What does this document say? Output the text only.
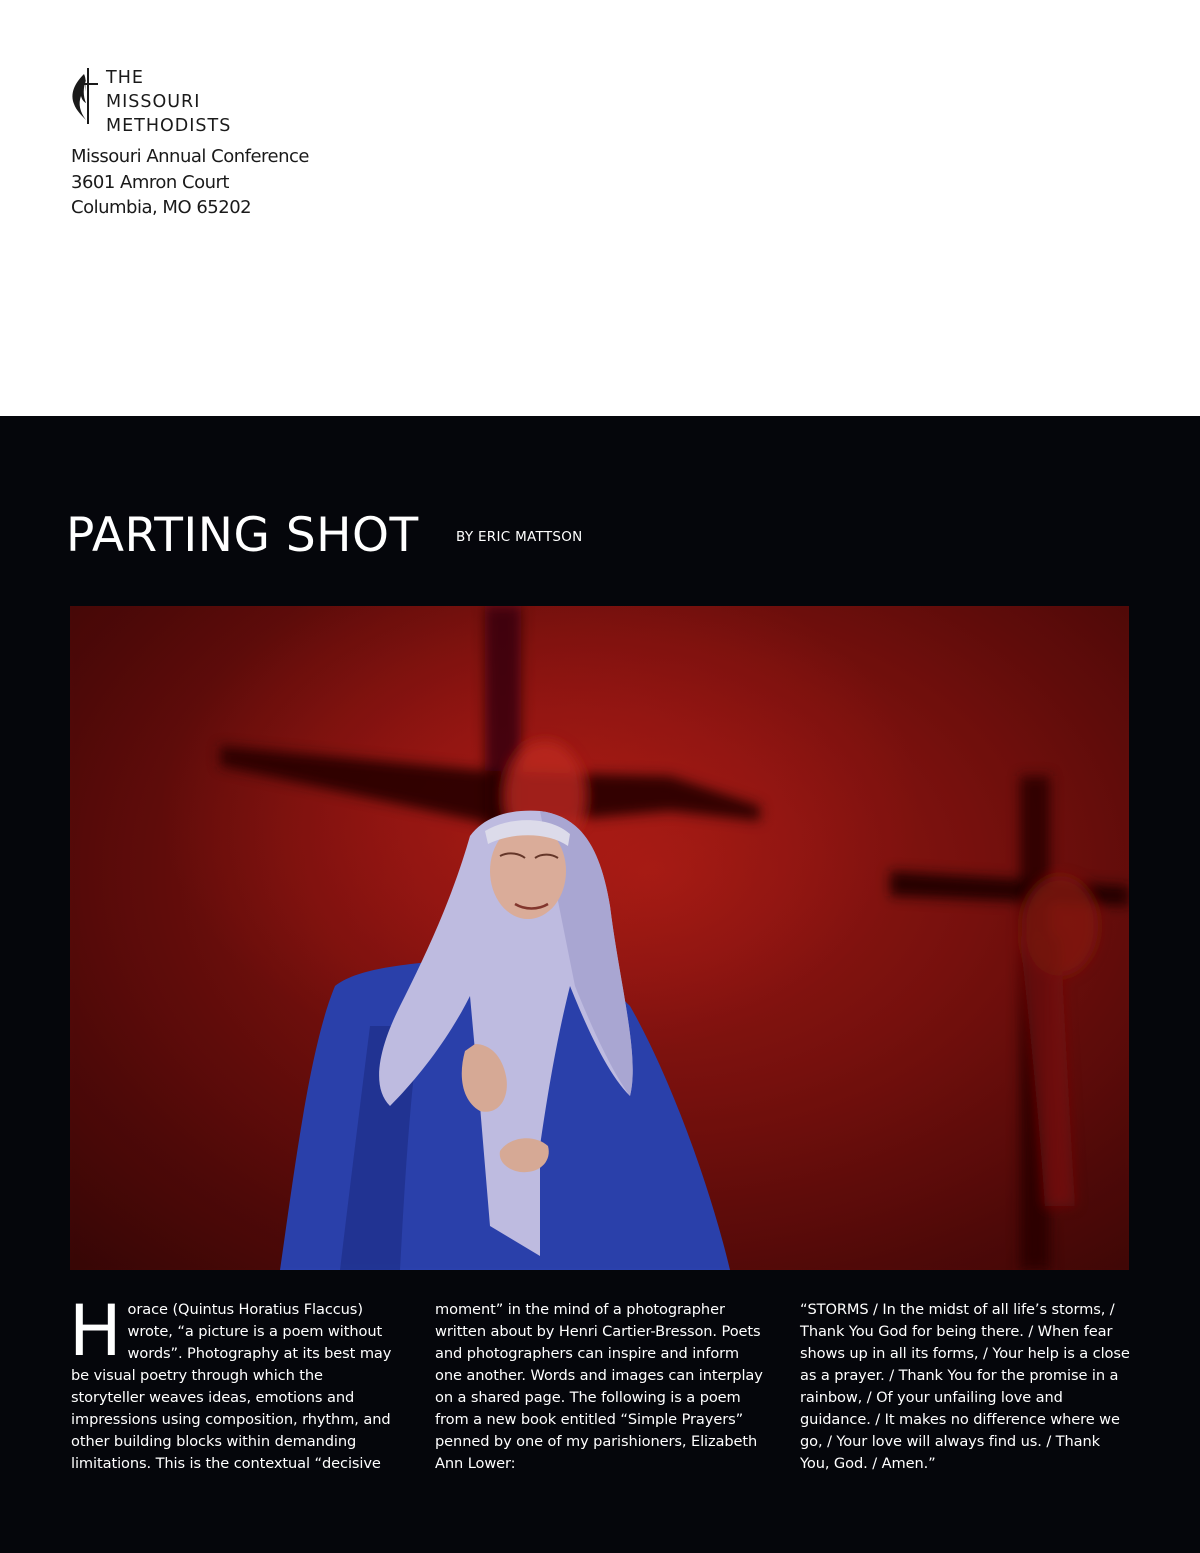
THE
MISSOURI
METHODISTS
Missouri Annual Conference
3601 Amron Court
Columbia, MO 65202
PARTING SHOT	BY ERIC MATTSON
H orace (Quintus Horatius Flaccus) wrote, “a picture is a poem without words”. Photography at its best may be visual poetry through which the storyteller weaves ideas, emotions and impressions using composition, rhythm, and other building blocks within demanding limitations. This is the contextual “decisive
moment” in the mind of a photographer written about by Henri Cartier-Bresson. Poets and photographers can inspire and inform one another. Words and images can interplay on a shared page. The following is a poem from a new book entitled “Simple Prayers” penned by one of my parishioners, Elizabeth Ann Lower:
“STORMS / In the midst of all life’s storms, / Thank You God for being there. / When fear shows up in all its forms, / Your help is a close as a prayer. / Thank You for the promise in a rainbow, / Of your unfailing love and guidance. / It makes no difference where we go, / Your love will always find us. / Thank You, God. / Amen.”
